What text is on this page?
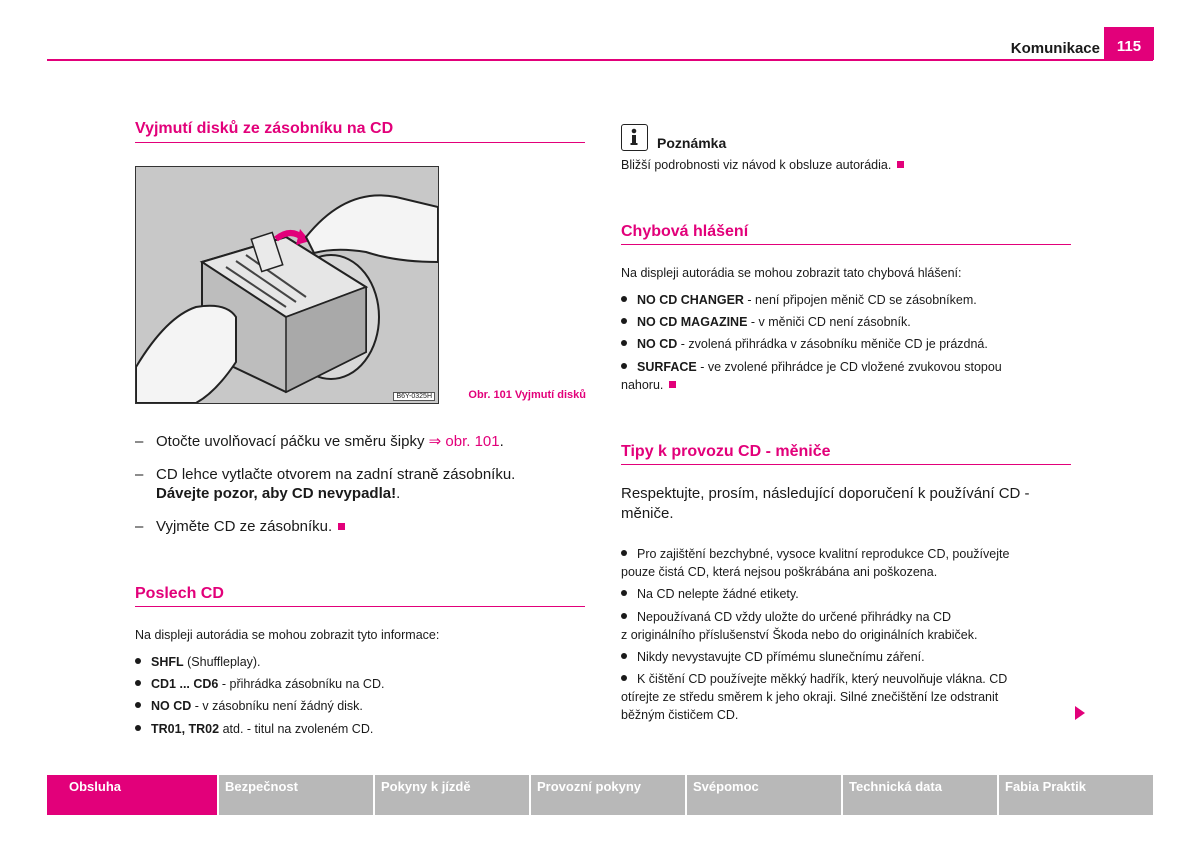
Komunikace	115
Vyjmutí disků ze zásobníku na CD
B6Y-0325H	Obr. 101 Vyjmutí disků
– Otočte uvolňovací páčku ve směru šipky ⇒ obr. 101.
– CD lehce vytlačte otvorem na zadní straně zásobníku.
Dávejte pozor, aby CD nevypadla!.
– Vyjměte CD ze zásobníku.
Poslech CD
Na displeji autorádia se mohou zobrazit tyto informace:
SHFL (Shuffleplay).
CD1 ... CD6 - přihrádka zásobníku na CD.
NO CD - v zásobníku není žádný disk.
TR01, TR02 atd. - titul na zvoleném CD.
Poznámka
Bližší podrobnosti viz návod k obsluze autorádia.
Chybová hlášení
Na displeji autorádia se mohou zobrazit tato chybová hlášení:
NO CD CHANGER - není připojen měnič CD se zásobníkem.
NO CD MAGAZINE - v měniči CD není zásobník.
NO CD - zvolená přihrádka v zásobníku měniče CD je prázdná.
SURFACE - ve zvolené přihrádce je CD vložené zvukovou stopou
nahoru.
Tipy k provozu CD - měniče
Respektujte, prosím, následující doporučení k používání CD -
měniče.
Pro zajištění bezchybné, vysoce kvalitní reprodukce CD, používejte
pouze čistá CD, která nejsou poškrábána ani poškozena.
Na CD nelepte žádné etikety.
Nepoužívaná CD vždy uložte do určené přihrádky na CD
z originálního příslušenství Škoda nebo do originálních krabiček.
Nikdy nevystavujte CD přímému slunečnímu záření.
K čištění CD používejte měkký hadřík, který neuvolňuje vlákna. CD
otírejte ze středu směrem k jeho okraji. Silné znečištění lze odstranit
běžným čističem CD.
Obsluha	Bezpečnost	Pokyny k jízdě	Provozní pokyny	Svépomoc	Technická data	Fabia Praktik
